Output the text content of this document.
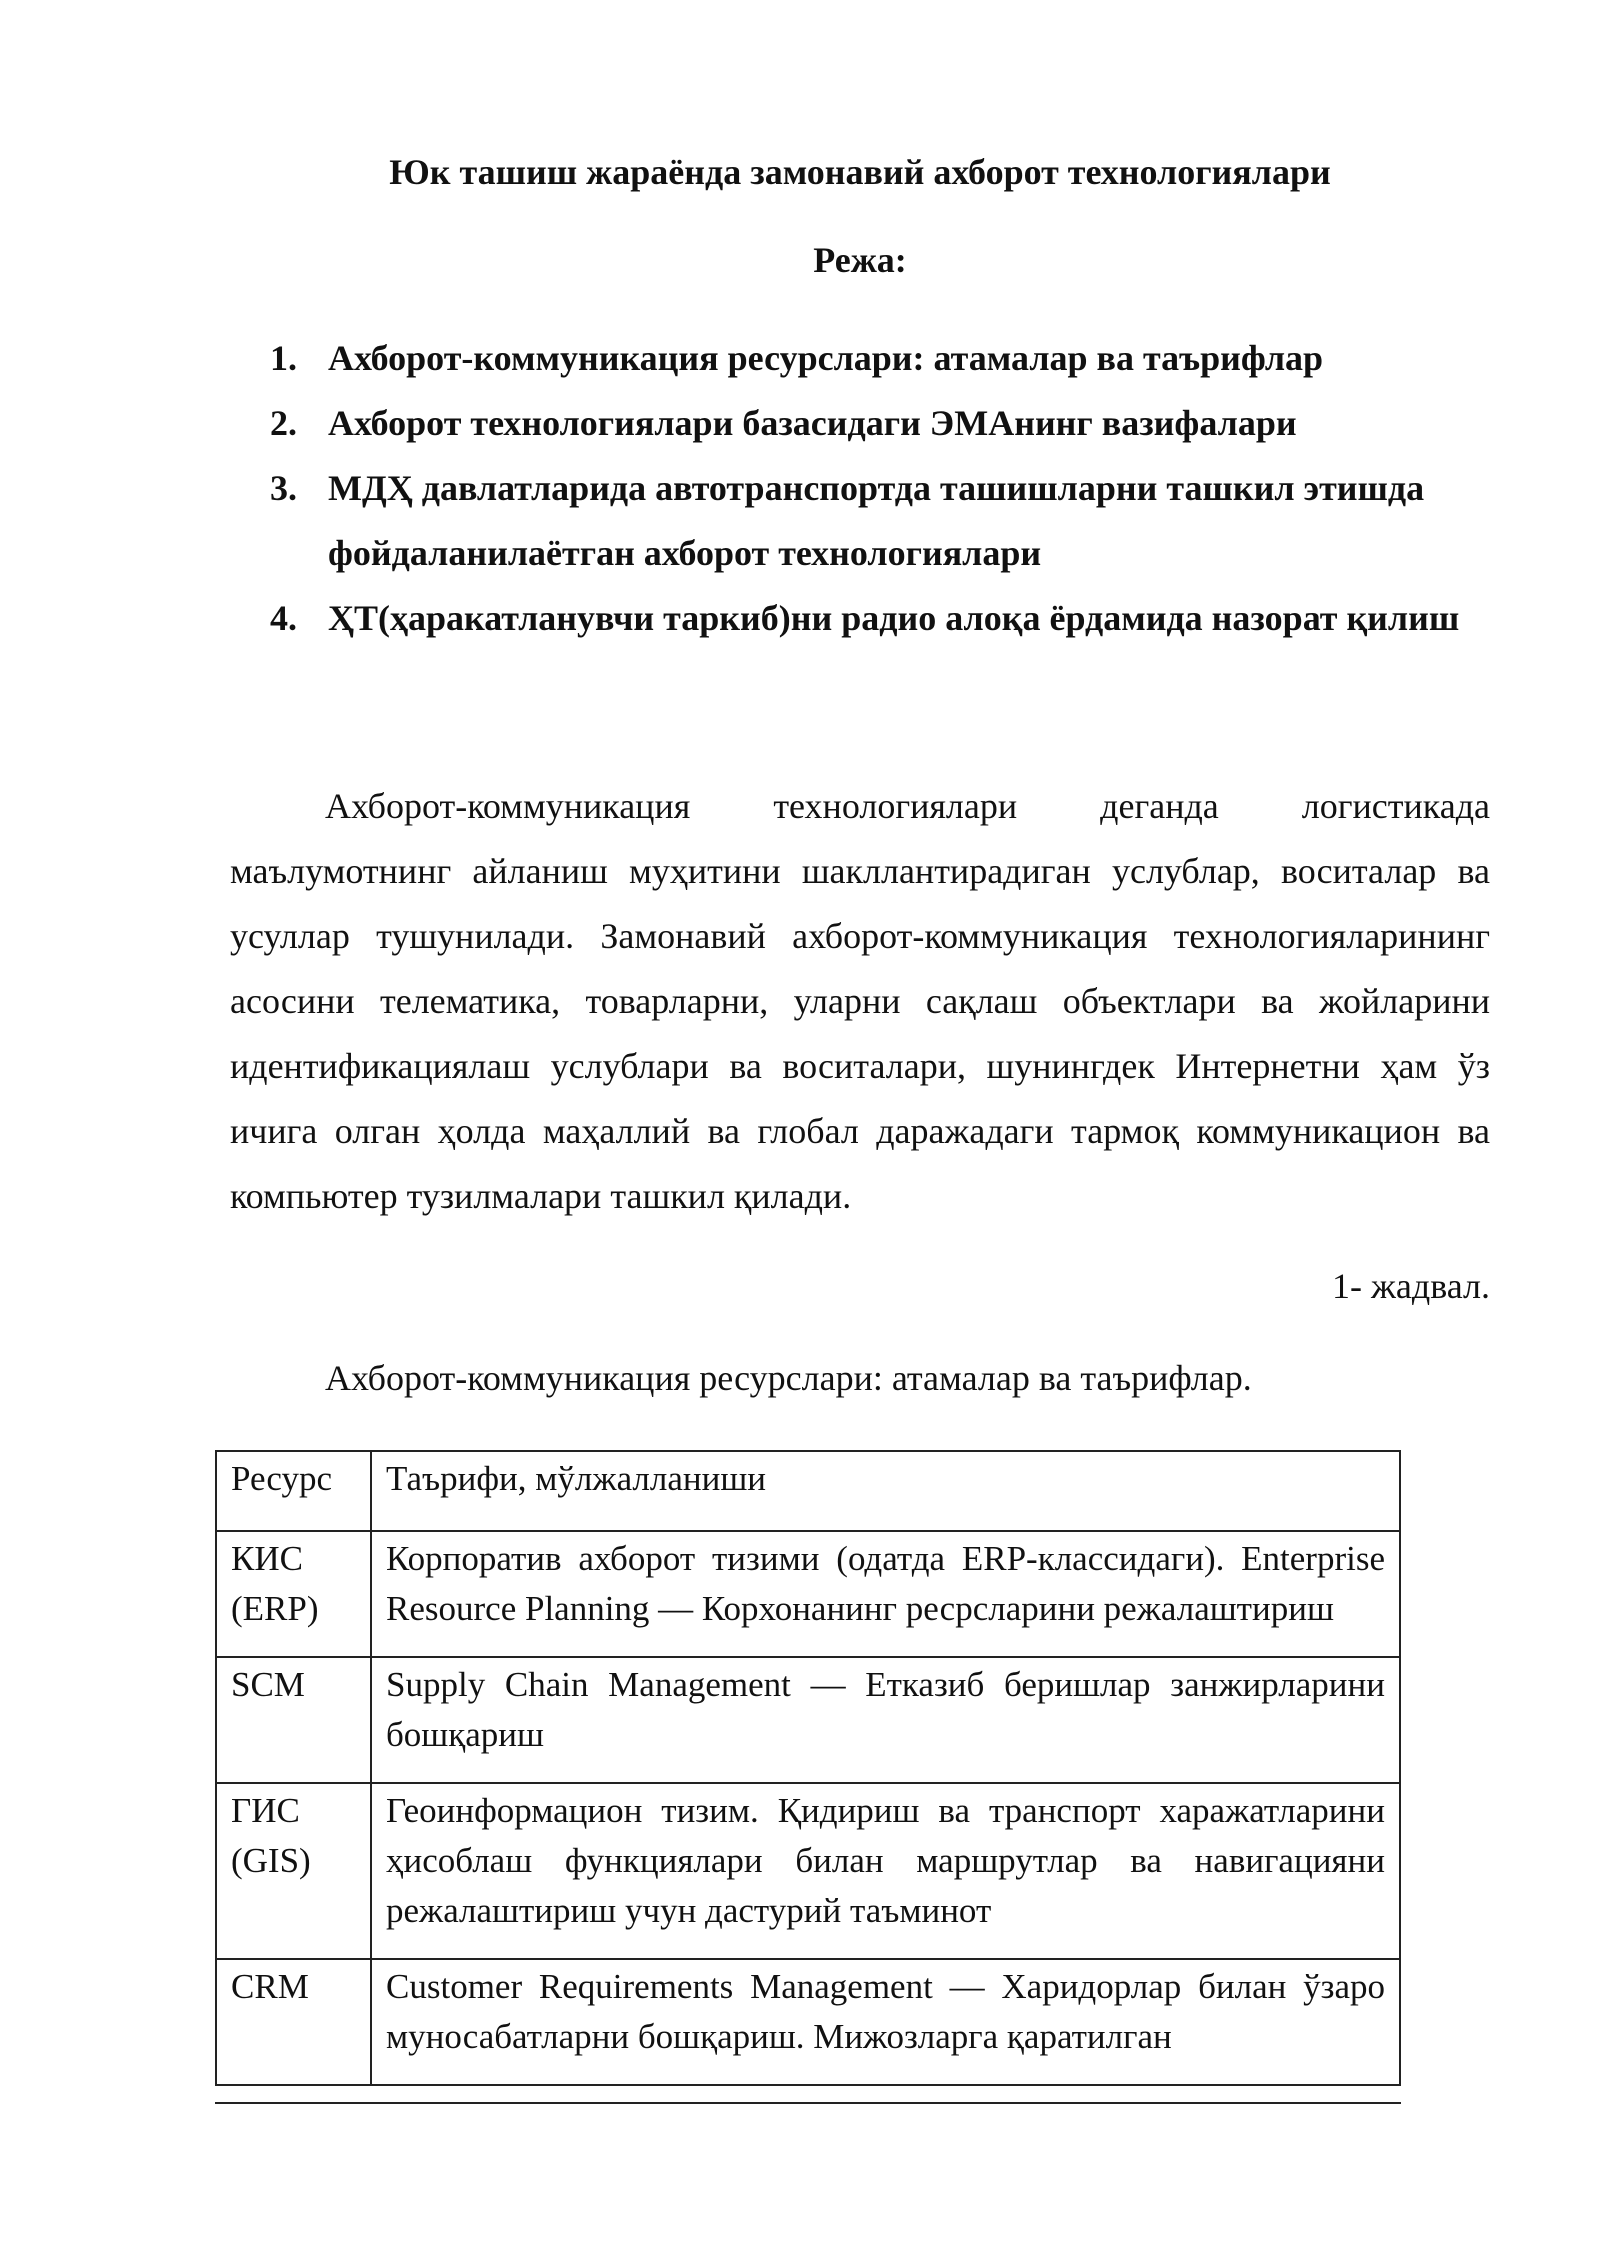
Юк ташиш жараёнда замонавий ахборот технологиялари
Режа:
1. Ахборот-коммуникация ресурслари: атамалар ва таърифлар
2. Ахборот технологиялари базасидаги ЭМАнинг вазифалари
3. МДҲ давлатларида автотранспортда ташишларни ташкил этишда фойдаланилаётган ахборот технологиялари
4. ҲТ(ҳаракатланувчи таркиб)ни радио алоқа ёрдамида назорат қилиш

Ахборот-коммуникация технологиялари деганда логистикада маълумотнинг айланиш муҳитини шакллантирадиган услублар, воситалар ва усуллар тушунилади. Замонавий ахборот-коммуникация технологияларининг асосини телематика, товарларни, уларни сақлаш объектлари ва жойларини идентификациялаш услублари ва воситалари, шунингдек Интернетни ҳам ўз ичига олган ҳолда маҳаллий ва глобал даражадаги тармоқ коммуникацион ва компьютер тузилмалари ташкил қилади.

1- жадвал.
Ахборот-коммуникация ресурслари: атамалар ва таърифлар.
Ресурс	Таърифи, мўлжалланиши
КИС (ERP)	Корпоратив ахборот тизими (одатда ERP-классидаги). Enterprise Resource Planning — Корхонанинг ресрсларини режалаштириш
SCM	Supply Chain Management — Етказиб беришлар занжирларини бошқариш
ГИС (GIS)	Геоинформацион тизим. Қидириш ва транспорт харажатларини ҳисоблаш функциялари билан маршрутлар ва навигацияни режалаштириш учун дастурий таъминот
CRM	Customer Requirements Management — Харидорлар билан ўзаро муносабатларни бошқариш. Мижозларга қаратилган
